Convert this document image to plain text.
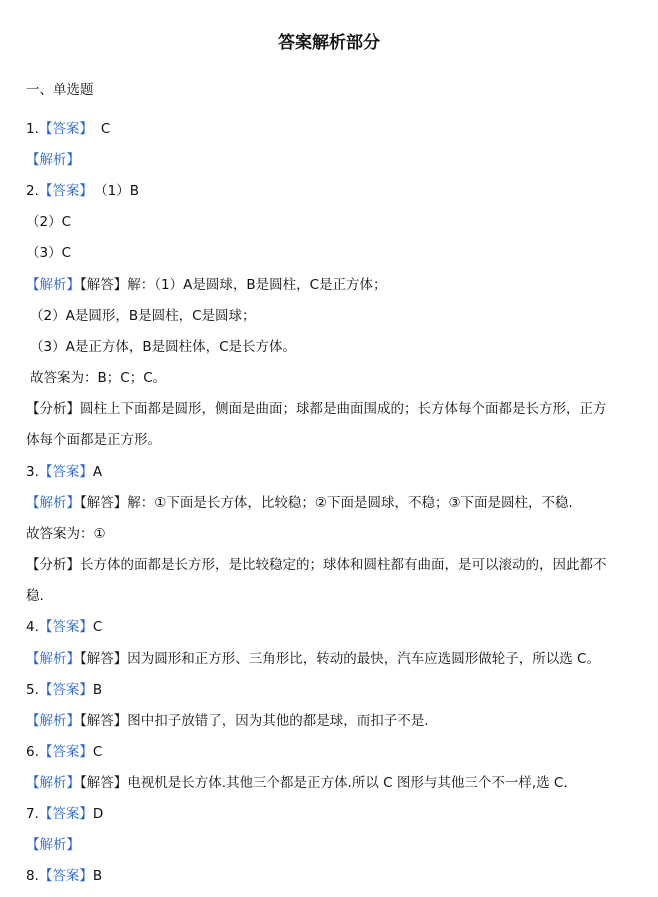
答案解析部分
一、单选题
1.【答案】 C
【解析】
2.【答案】 （1）B
（2）C
（3）C
【解析】【解答】解：（1）A是圆球，B是圆柱，C是正方体；
（2）A是圆形，B是圆柱，C是圆球；
（3）A是正方体，B是圆柱体，C是长方体。
故答案为：B；C；C。
【分析】圆柱上下面都是圆形，侧面是曲面；球都是曲面围成的；长方体每个面都是长方形，正方
体每个面都是正方形。
3.【答案】A
【解析】【解答】解：①下面是长方体，比较稳；②下面是圆球，不稳；③下面是圆柱，不稳.
故答案为：①
【分析】长方体的面都是长方形，是比较稳定的；球体和圆柱都有曲面，是可以滚动的，因此都不
稳.
4.【答案】C
【解析】【解答】因为圆形和正方形、三角形比，转动的最快，汽车应选圆形做轮子，所以选 C。
5.【答案】B
【解析】【解答】图中扣子放错了，因为其他的都是球，而扣子不是.
6.【答案】C
【解析】【解答】电视机是长方体.其他三个都是正方体.所以 C 图形与其他三个不一样,选 C.
7.【答案】D
【解析】
8.【答案】B
